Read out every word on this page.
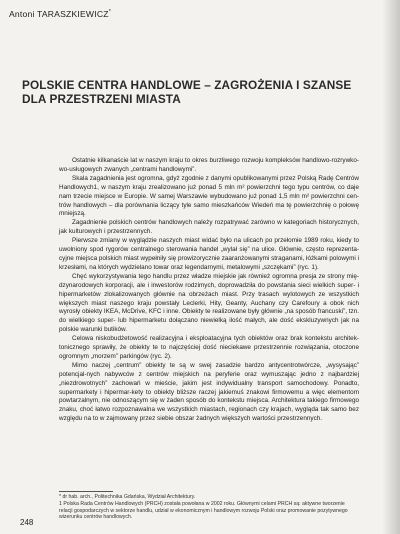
Antoni TARASZKIEWICZ*
POLSKIE CENTRA HANDLOWE – ZAGROŻENIA I SZANSE
DLA PRZESTRZENI MIASTA

Ostatnie kilkanaście lat w naszym kraju to okres burzliwego rozwoju kompleksów handlowo-rozrywko-wo-usługowych zwanych „centrami handlowymi”.

Skala zagadnienia jest ogromna, gdyż zgodnie z danymi opublikowanymi przez Polską Radę Centrów Handlowych1, w naszym kraju zrealizowano już ponad 5 mln m² powierzchni tego typu centrów, co daje nam trzecie miejsce w Europie. W samej Warszawie wybudowano już ponad 1,5 mln m² powierzchni cen-trów handlowych – dla porównania liczący tyle samo mieszkańców Wiedeń ma tę powierzchnię o połowę mniejszą.

Zagadnienie polskich centrów handlowych należy rozpatrywać zarówno w kategoriach historycznych, jak kulturowych i przestrzennych.

Pierwsze zmiany w wyglądzie naszych miast widać było na ulicach po przełomie 1989 roku, kiedy to uwolniony spod rygorów centralnego sterowania handel „wylał się” na ulice. Głównie, często reprezenta-cyjne miejsca polskich miast wypełniły się prowizorycznie zaaranżowanymi straganami, łóżkami polowymi i krzesłami, na których wydzielano towar oraz legendarnymi, metalowymi „szczękami” (ryc. 1).

Chęć wykorzystywania tego handlu przez władze miejskie jak również ogromna presja ze strony mię-dzynarodowych korporacji, ale i inwestorów rodzimych, doprowadziła do powstania sieci wielkich super- i hipermarketów zlokalizowanych głównie na obrzeżach miast. Przy trasach wylotowych ze wszystkich większych miast naszego kraju powstały Leclerki, Hity, Geanty, Auchany czy Carefoury a obok nich wyrosły obiekty IKEA, McDrive, KFC i inne. Obiekty te realizowane były głównie „na sposób francuski”, tzn. do wielkiego super- lub hipermarketu dołączano niewielką ilość małych, ale dość ekskluzywnych jak na polskie warunki butików.

Celowa niskobudżetowość realizacyjna i eksploatacyjna tych obiektów oraz brak kontekstu architek-tonicznego sprawiły, że obiekty te to najczęściej dość nieciekawe przestrzennie rozwiązania, otoczone ogromnym „morzem” parkingów (ryc. 2).

Mimo naczej „centrum” obiekty te są w swej zasadzie bardzo antycentrotwórcze, „wysysając” potencjal-nych nabywców z centrów miejskich na peryferie oraz wymuszając jedno z najbardziej „niezdrowotnych” zachowań w mieście, jakim jest indywidualny transport samochodowy. Ponadto, supermarkety i hipermar-kety to obiekty bliższe raczej jakiemuś znakowi firmowemu a więc elementom powtarzalnym, nie odnoszącym się w żaden sposób do kontekstu miejsca. Architektura takiego firmowego znaku, choć łatwo rozpoznawalna we wszystkich miastach, regionach czy krajach, wygląda tak samo bez względu na to w zajmowany przez siebie obszar żadnych większych wartości przestrzennych.

* dr hab. arch., Politechnika Gdańska, Wydział Architektury.

1 Polska Rada Centrów Handlowych (PRCH) została powołana w 2002 roku. Głównymi celami PRCH są: aktywne tworzenie relacji gospodarczych w sektorze handlu, udział w ekonomicznym i handlowym rozwoju Polski oraz promowanie pozytywnego wizerunku centrów handlowych.

248
